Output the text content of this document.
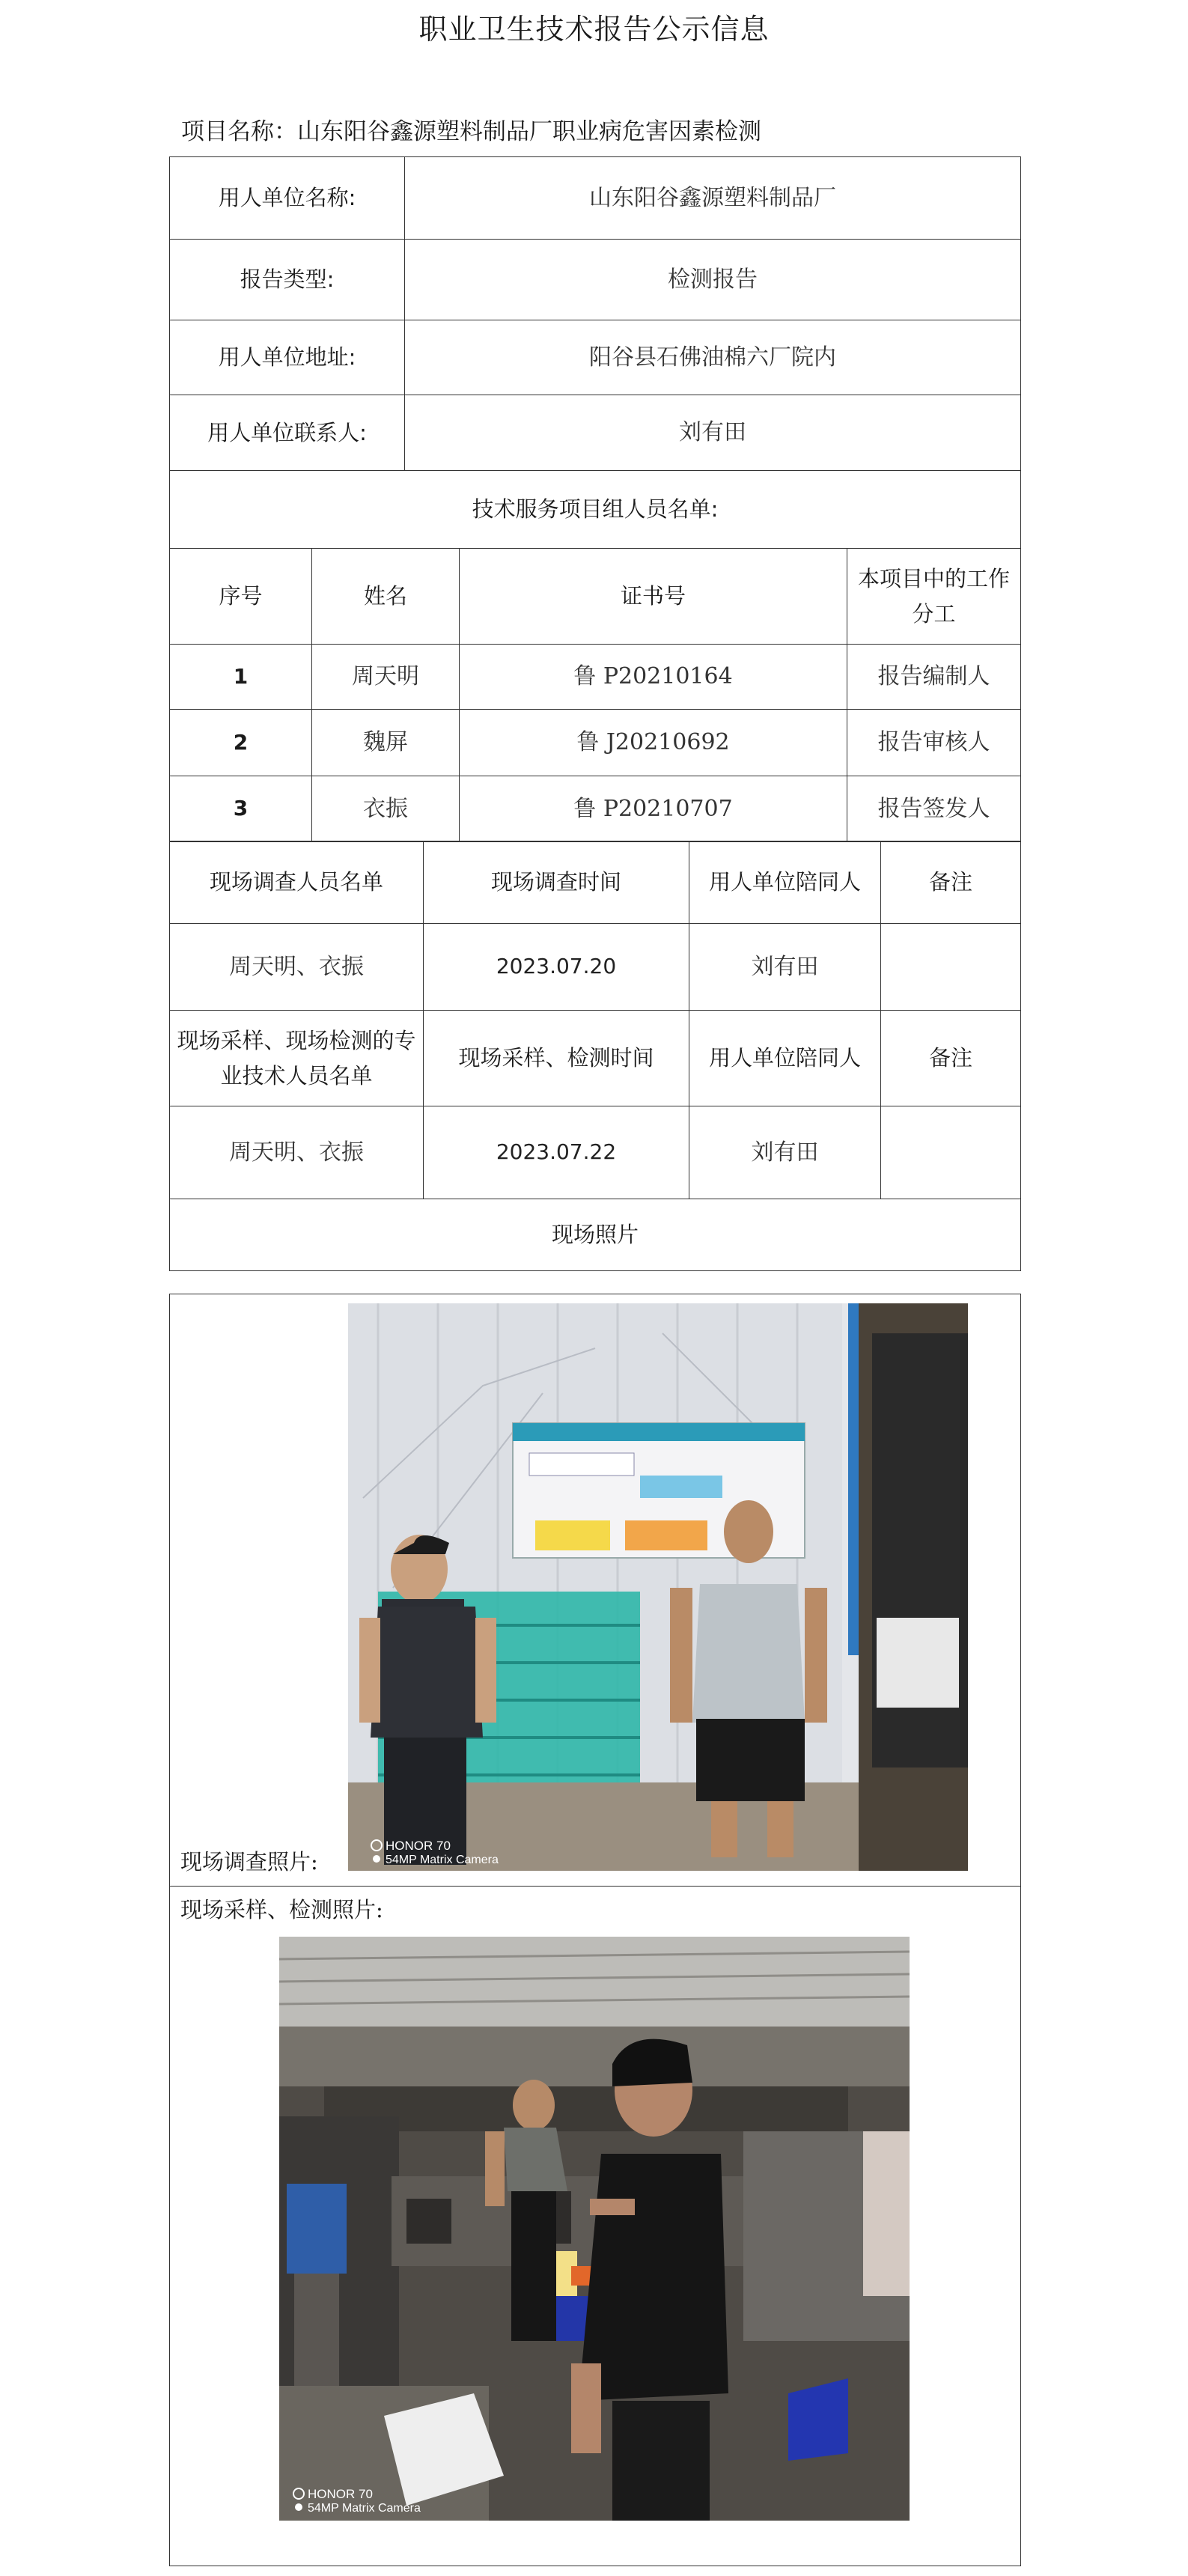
职业卫生技术报告公示信息
项目名称：山东阳谷鑫源塑料制品厂职业病危害因素检测
用人单位名称:	山东阳谷鑫源塑料制品厂
报告类型:	检测报告
用人单位地址:	阳谷县石佛油棉六厂院内
用人单位联系人:	刘有田
技术服务项目组人员名单:	
序号	姓名	证书号	本项目中的工作分工
1	周天明	鲁 P20210164	报告编制人
2	魏屏	鲁 J20210692	报告审核人
3	衣振	鲁 P20210707	报告签发人
现场调查人员名单	现场调查时间	用人单位陪同人	备注
周天明、衣振	2023.07.20	刘有田	
现场采样、现场检测的专业技术人员名单	现场采样、检测时间	用人单位陪同人	备注
周天明、衣振	2023.07.22	刘有田	
现场照片			
HONOR 70
54MP Matrix Camera
现场调查照片:
现场采样、检测照片:
HONOR 70
54MP Matrix Camera
